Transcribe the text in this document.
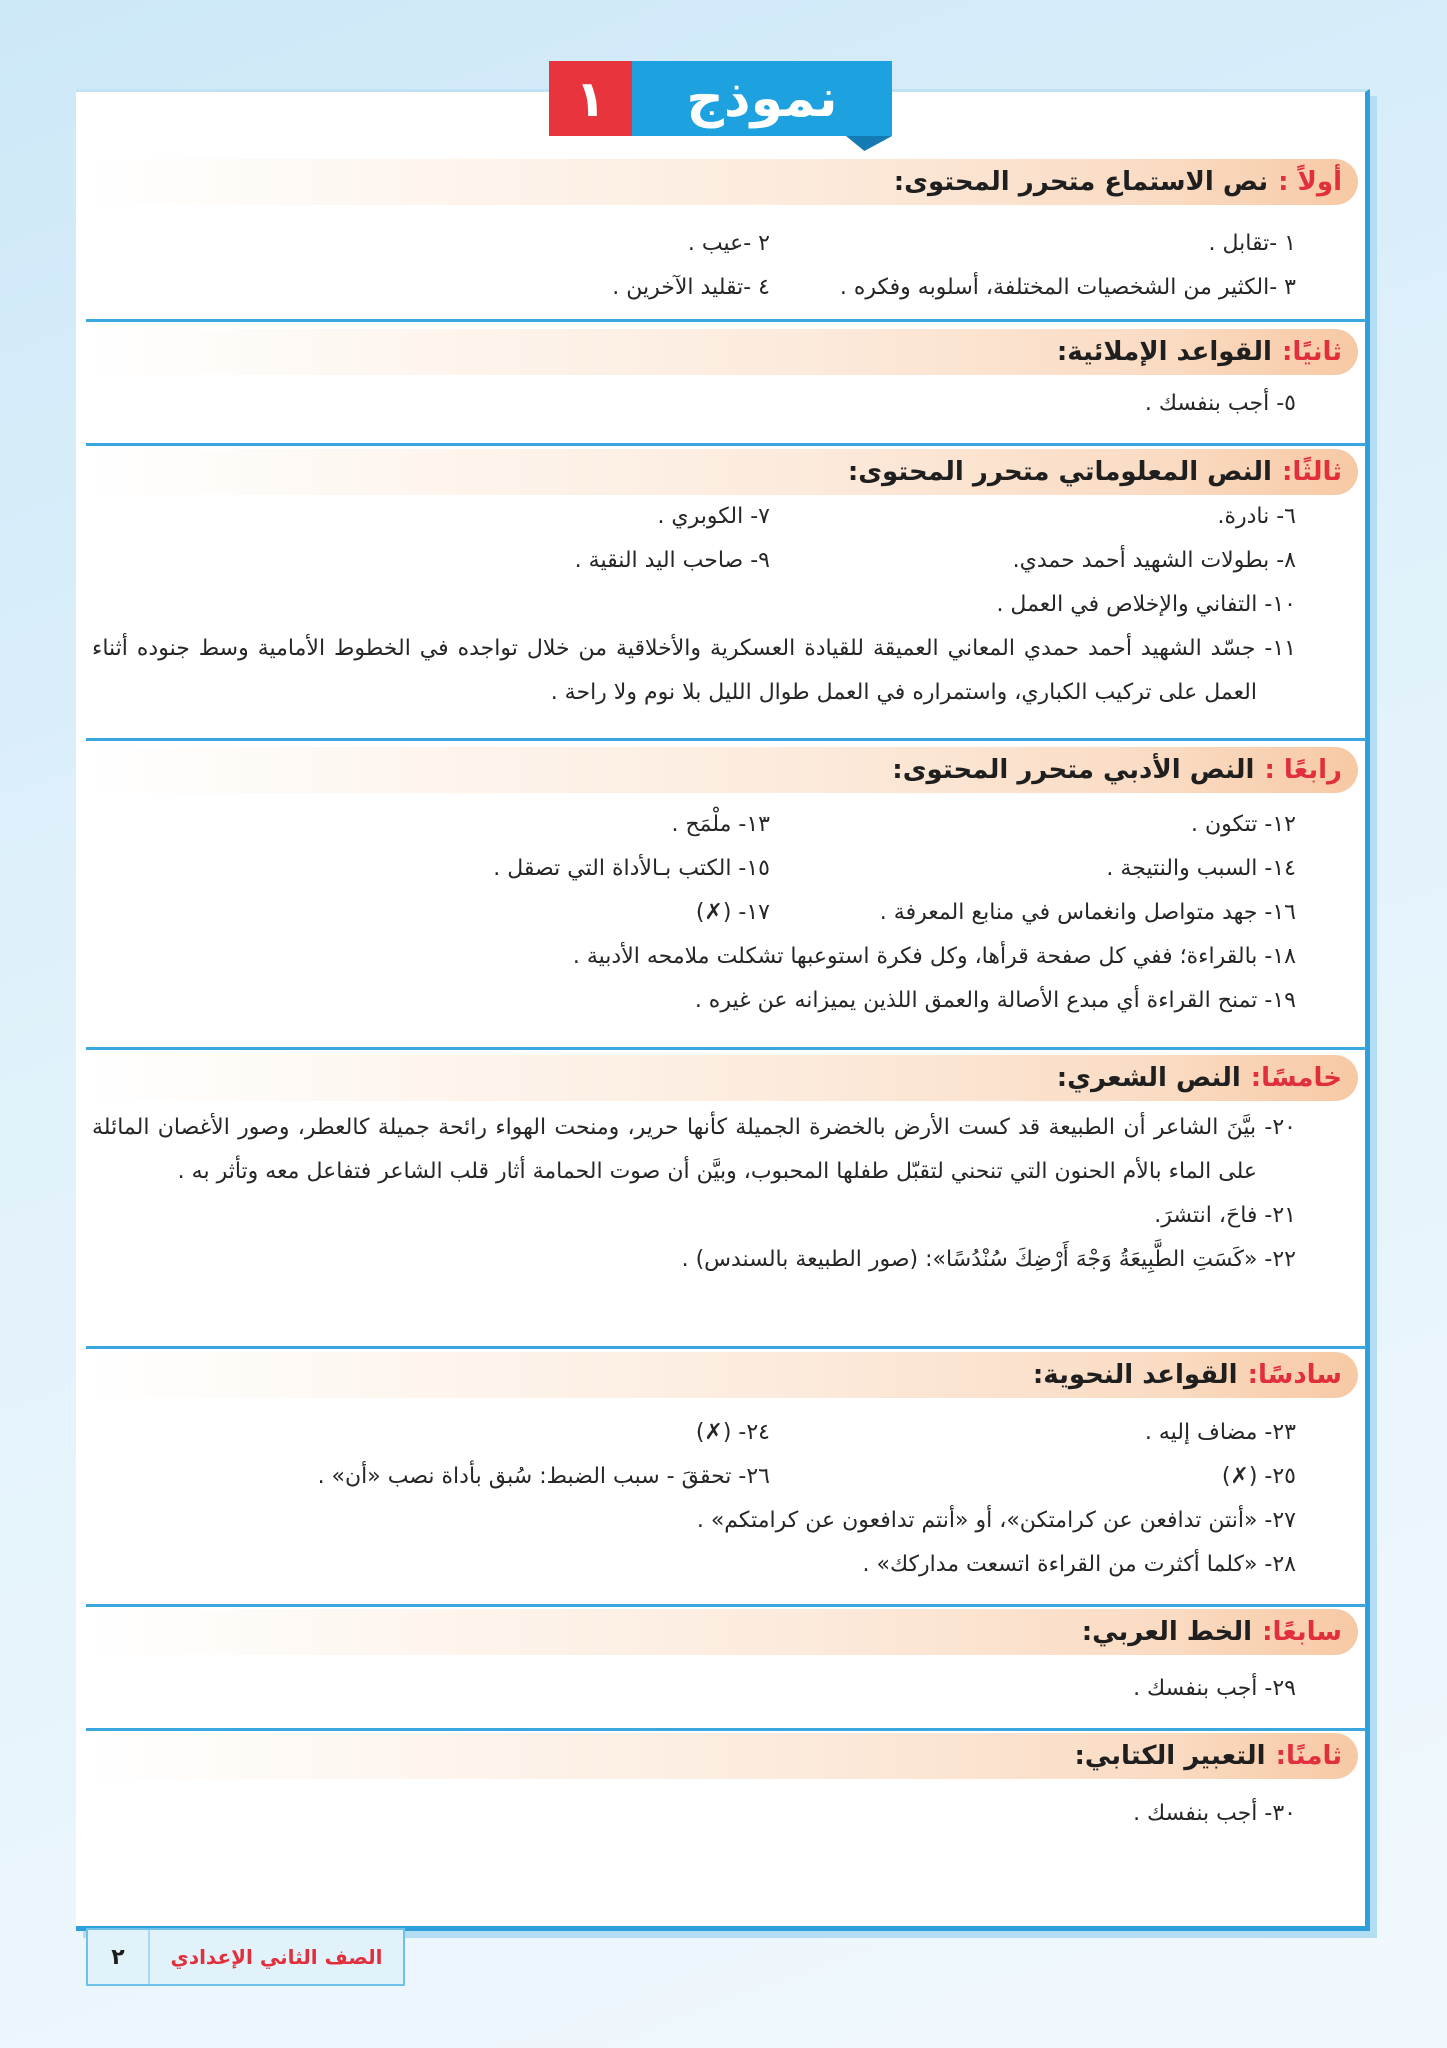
١ نموذج
أولاً :
نص الاستماع متحرر المحتوى:
١ -تقابل .
٢ -عيب .
٣ -الكثير من الشخصيات المختلفة، أسلوبه وفكره .
٤ -تقليد الآخرين .
ثانيًا:
القواعد الإملائية:
٥- أجب بنفسك .
ثالثًا:
النص المعلوماتي متحرر المحتوى:
٦- نادرة.
٧- الكوبري .
٨- بطولات الشهيد أحمد حمدي.
٩- صاحب اليد النقية .
١٠- التفاني والإخلاص في العمل .
١١- جسّد الشهيد أحمد حمدي المعاني العميقة للقيادة العسكرية والأخلاقية من خلال تواجده في الخطوط الأمامية وسط جنوده أثناء العمل على تركيب الكباري، واستمراره في العمل طوال الليل بلا نوم ولا راحة .
رابعًا :
النص الأدبي متحرر المحتوى:
١٢- تتكون .
١٣- ملْمَح .
١٤- السبب والنتيجة .
١٥- الكتب بـالأداة التي تصقل .
١٦- جهد متواصل وانغماس في منابع المعرفة .
١٧- (✗)
١٨- بالقراءة؛ ففي كل صفحة قرأها، وكل فكرة استوعبها تشكلت ملامحه الأدبية .
١٩- تمنح القراءة أي مبدع الأصالة والعمق اللذين يميزانه عن غيره .
خامسًا:
النص الشعري:
٢٠- بيَّنَ الشاعر أن الطبيعة قد كست الأرض بالخضرة الجميلة كأنها حرير، ومنحت الهواء رائحة جميلة كالعطر، وصور الأغصان المائلة على الماء بالأم الحنون التي تنحني لتقبّل طفلها المحبوب، وبيَّن أن صوت الحمامة أثار قلب الشاعر فتفاعل معه وتأثر به .
٢١- فاحَ، انتشرَ.
٢٢- «كَسَتِ الطَّبِيعَةُ وَجْهَ أَرْضِكَ سُنْدُسًا»: (صور الطبيعة بالسندس) .
سادسًا:
القواعد النحوية:
٢٣- مضاف إليه .
٢٤- (✗)
٢٥- (✗)
٢٦- تحققَ - سبب الضبط: سُبق بأداة نصب «أن» .
٢٧- «أنتن تدافعن عن كرامتكن»، أو «أنتم تدافعون عن كرامتكم» .
٢٨- «كلما أكثرت من القراءة اتسعت مداركك» .
سابعًا:
الخط العربي:
٢٩- أجب بنفسك .
ثامنًا:
التعبير الكتابي:
٣٠- أجب بنفسك .
٢	الصف الثاني الإعدادي
